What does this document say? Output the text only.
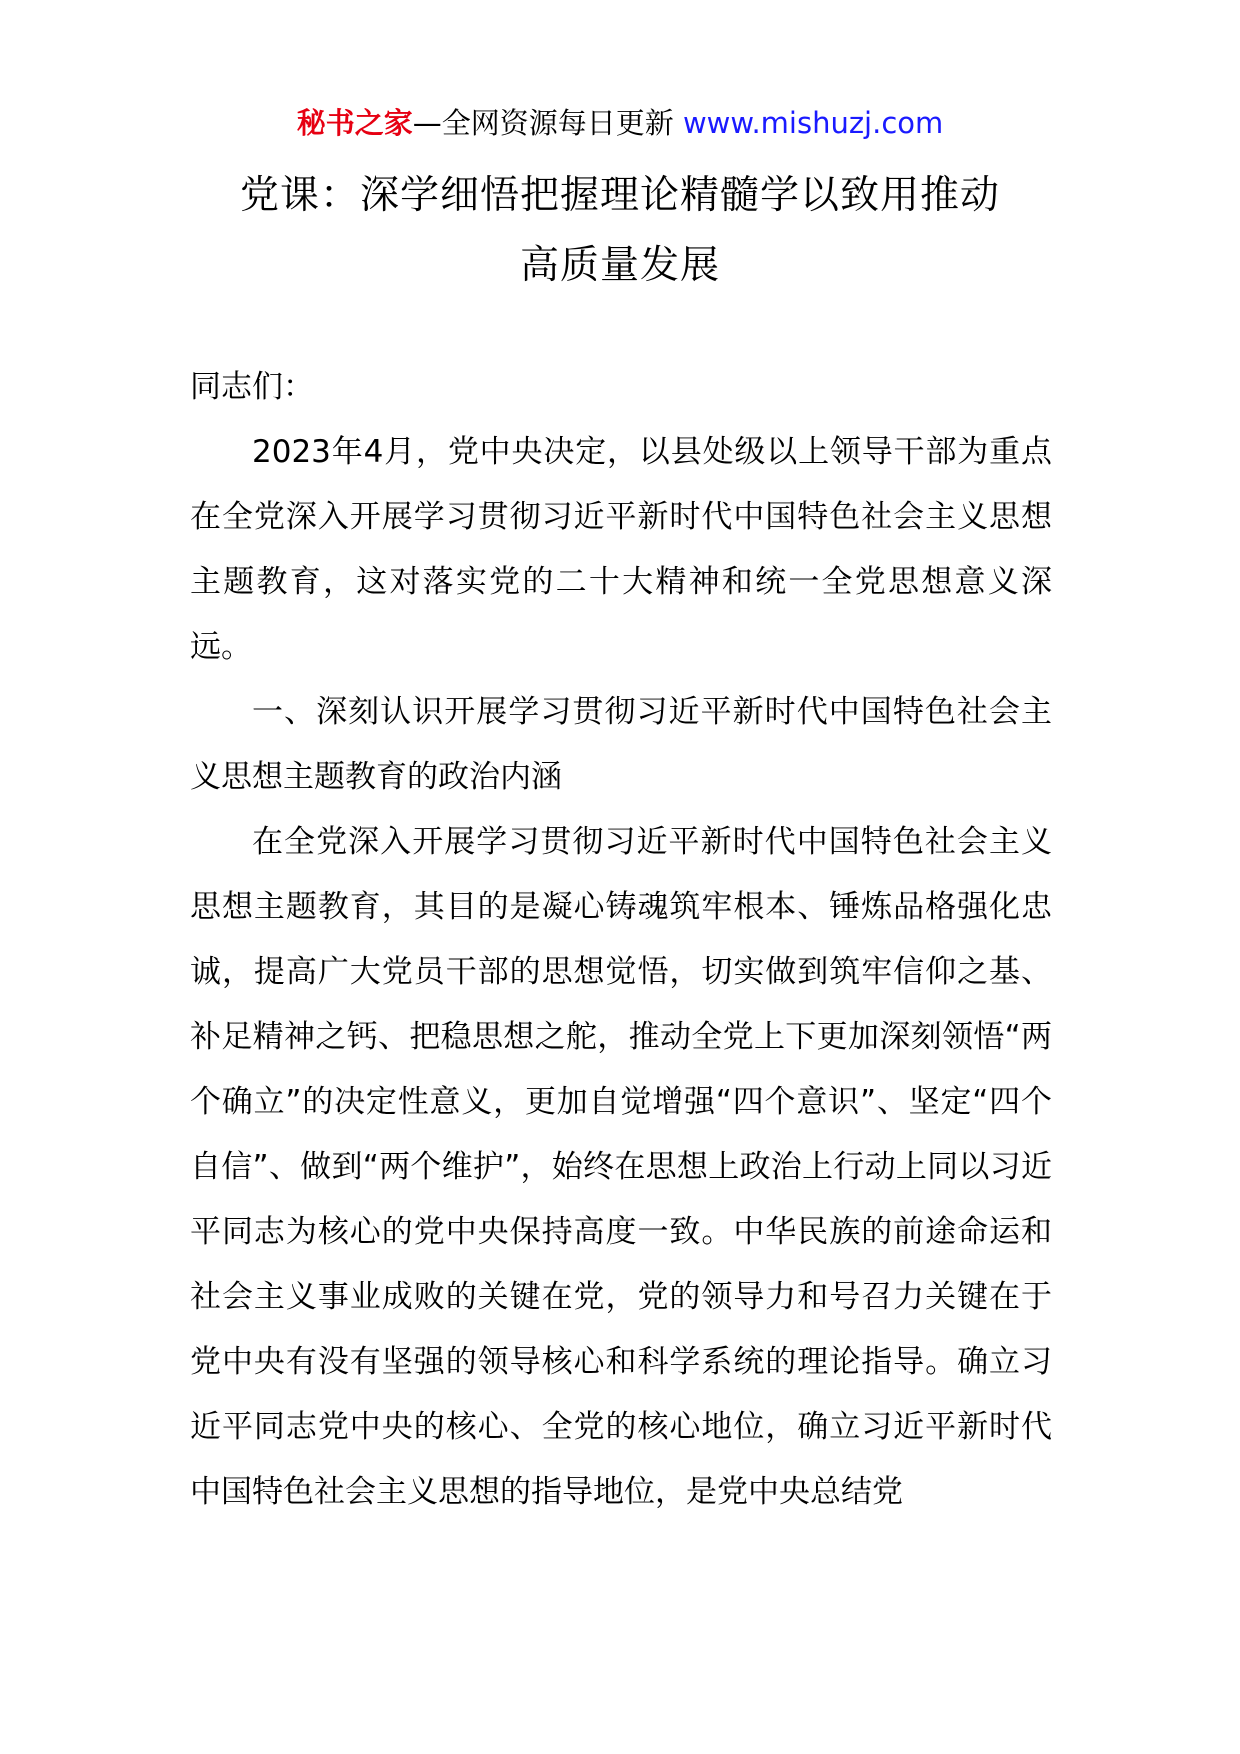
秘书之家—全网资源每日更新 www.mishuzj.com
党课：深学细悟把握理论精髓学以致用推动
高质量发展

同志们：

2023年4月，党中央决定，以县处级以上领导干部为重点在全党深入开展学习贯彻习近平新时代中国特色社会主义思想主题教育，这对落实党的二十大精神和统一全党思想意义深远。

一、深刻认识开展学习贯彻习近平新时代中国特色社会主义思想主题教育的政治内涵

在全党深入开展学习贯彻习近平新时代中国特色社会主义思想主题教育，其目的是凝心铸魂筑牢根本、锤炼品格强化忠诚，提高广大党员干部的思想觉悟，切实做到筑牢信仰之基、补足精神之钙、把稳思想之舵，推动全党上下更加深刻领悟“两个确立”的决定性意义，更加自觉增强“四个意识”、坚定“四个自信”、做到“两个维护”，始终在思想上政治上行动上同以习近平同志为核心的党中央保持高度一致。中华民族的前途命运和社会主义事业成败的关键在党，党的领导力和号召力关键在于党中央有没有坚强的领导核心和科学系统的理论指导。确立习近平同志党中央的核心、全党的核心地位，确立习近平新时代中国特色社会主义思想的指导地位，是党中央总结党
